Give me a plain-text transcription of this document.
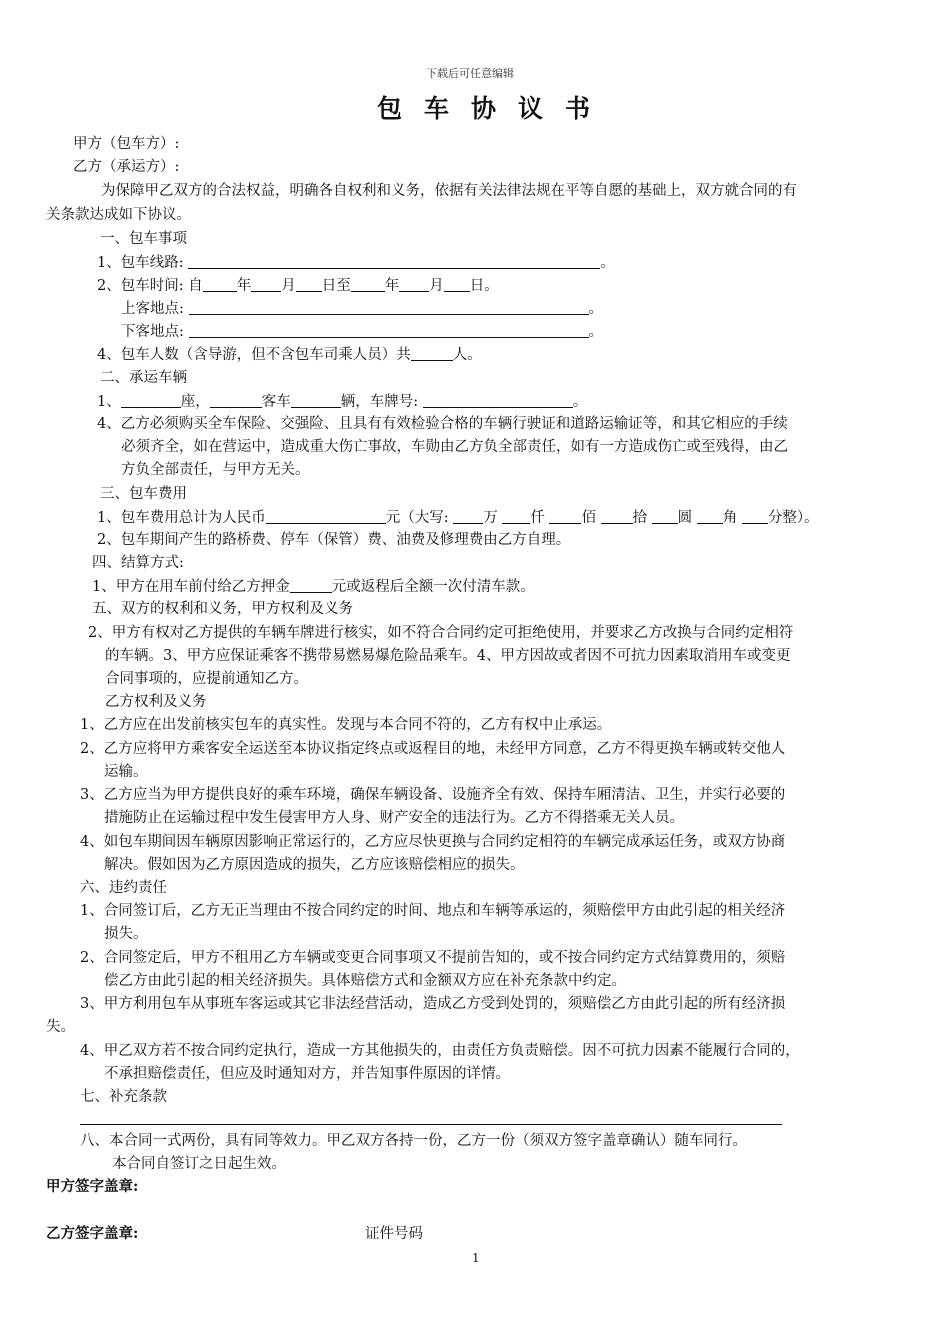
下载后可任意编辑
包车协议书
甲方（包车方）:
乙方（承运方）:
为保障甲乙双方的合法权益，明确各自权利和义务，依据有关法律法规在平等自愿的基础上，双方就合同的有
关条款达成如下协议。
一、包车事项
1、包车线路:	。
2、包车时间: 自 年 月 日至 年 月 日。
上客地点:	。
下客地点:	。
4、包车人数（含导游，但不含包车司乘人员）共	人。
二、承运车辆
1、	座，	客车	辆，车牌号:	。
4、乙方必须购买全车保险、交强险、且具有有效检验合格的车辆行驶证和道路运输证等，和其它相应的手续
必须齐全，如在营运中，造成重大伤亡事故，车勋由乙方负全部责任，如有一方造成伤亡或至残得，由乙
方负全部责任，与甲方无关。
三、包车费用
1、包车费用总计为人民币	元（大写: 万 仟	佰	拾 圆 角 分整）。
2、包车期间产生的路桥费、停车（保管）费、油费及修理费由乙方自理。
四、结算方式:
1、甲方在用车前付给乙方押金	元或返程后全额一次付清车款。
五、双方的权利和义务，甲方权利及义务
2、甲方有权对乙方提供的车辆车牌进行核实，如不符合合同约定可拒绝使用，并要求乙方改换与合同约定相符
的车辆。3、甲方应保证乘客不携带易燃易爆危险品乘车。4、甲方因故或者因不可抗力因素取消用车或变更
合同事项的，应提前通知乙方。
乙方权利及义务
1、乙方应在出发前核实包车的真实性。发现与本合同不符的，乙方有权中止承运。
2、乙方应将甲方乘客安全运送至本协议指定终点或返程目的地，未经甲方同意，乙方不得更换车辆或转交他人
运输。
3、乙方应当为甲方提供良好的乘车环境，确保车辆设备、设施齐全有效、保持车厢清洁、卫生，并实行必要的
措施防止在运输过程中发生侵害甲方人身、财产安全的违法行为。乙方不得搭乘无关人员。
4、如包车期间因车辆原因影响正常运行的，乙方应尽快更换与合同约定相符的车辆完成承运任务，或双方协商
解决。假如因为乙方原因造成的损失，乙方应该赔偿相应的损失。
六、违约责任
1、合同签订后，乙方无正当理由不按合同约定的时间、地点和车辆等承运的，须赔偿甲方由此引起的相关经济
损失。
2、合同签定后，甲方不租用乙方车辆或变更合同事项又不提前告知的，或不按合同约定方式结算费用的，须赔
偿乙方由此引起的相关经济损失。具体赔偿方式和金额双方应在补充条款中约定。
3、甲方利用包车从事班车客运或其它非法经营活动，造成乙方受到处罚的，须赔偿乙方由此引起的所有经济损
失。
4、甲乙双方若不按合同约定执行，造成一方其他损失的，由责任方负责赔偿。因不可抗力因素不能履行合同的，
不承担赔偿责任，但应及时通知对方，并告知事件原因的详情。
七、补充条款
八、本合同一式两份，具有同等效力。甲乙双方各持一份，乙方一份（须双方签字盖章确认）随车同行。
本合同自签订之日起生效。
甲方签字盖章:
乙方签字盖章:	证件号码
1
